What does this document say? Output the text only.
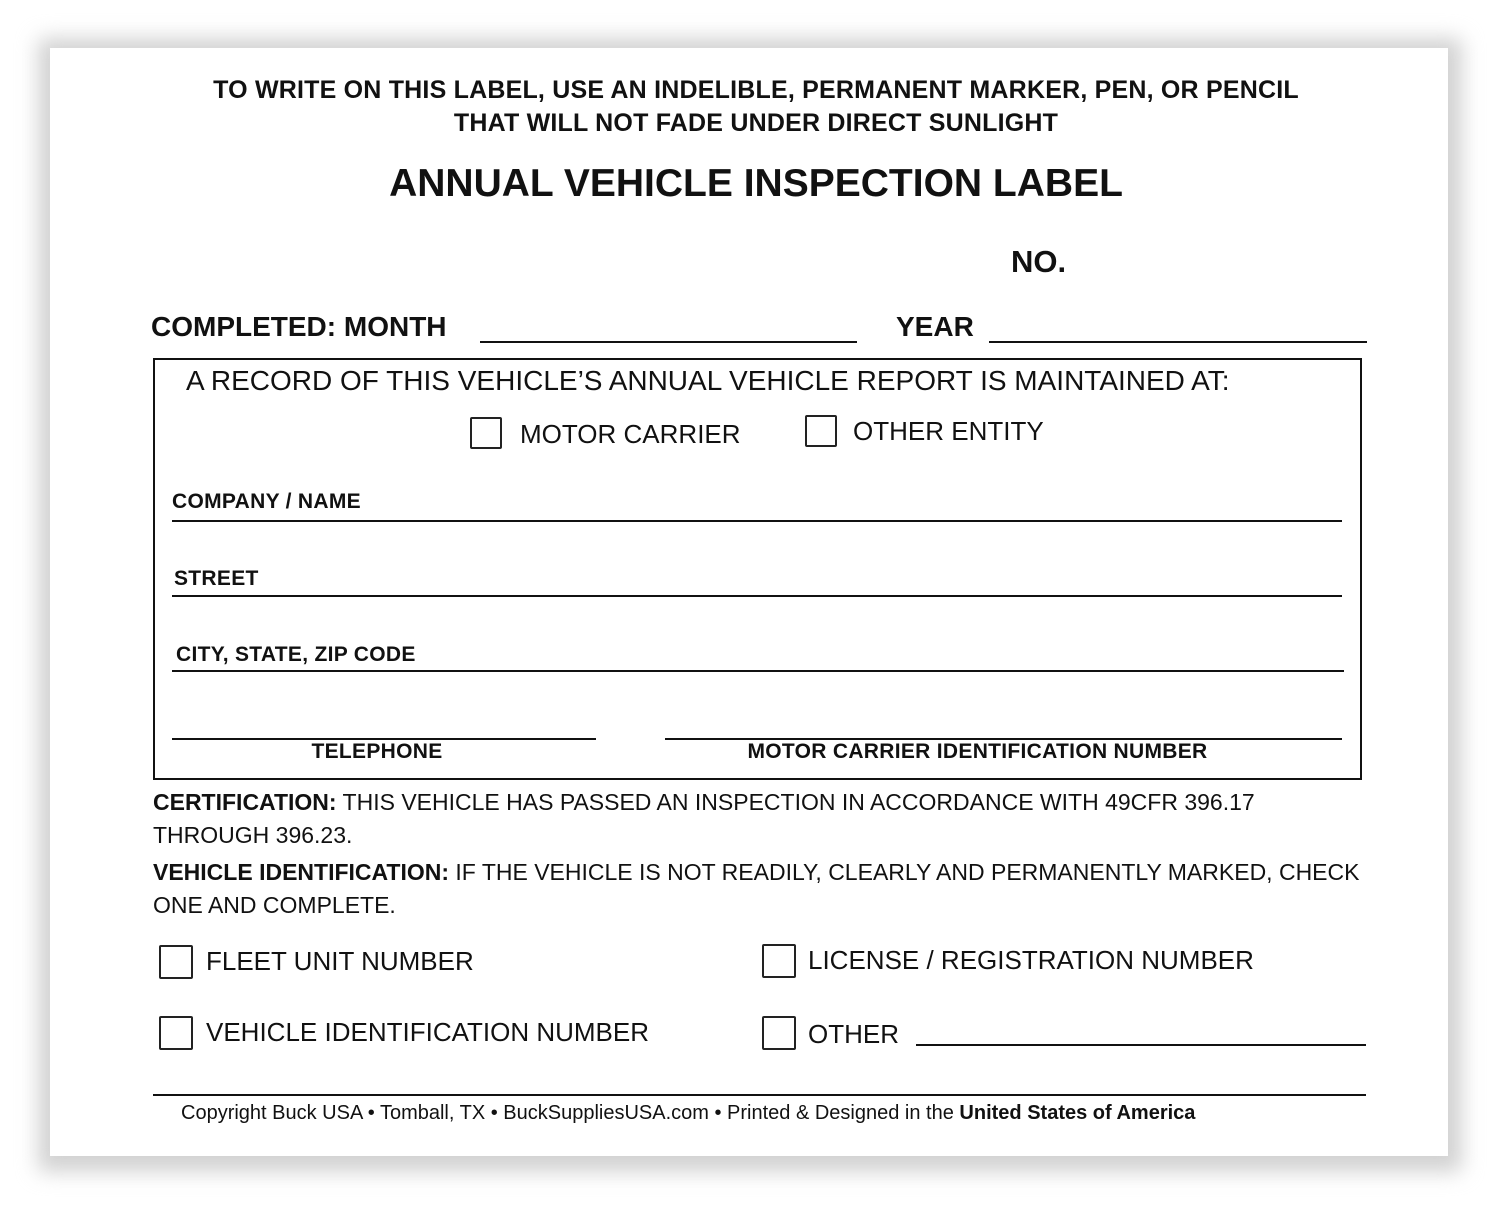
TO WRITE ON THIS LABEL, USE AN INDELIBLE, PERMANENT MARKER, PEN, OR PENCIL
THAT WILL NOT FADE UNDER DIRECT SUNLIGHT
ANNUAL VEHICLE INSPECTION LABEL
NO.
COMPLETED: MONTH	YEAR
A RECORD OF THIS VEHICLE’S ANNUAL VEHICLE REPORT IS MAINTAINED AT:
MOTOR CARRIER	OTHER ENTITY
COMPANY / NAME
STREET
CITY, STATE, ZIP CODE
TELEPHONE	MOTOR CARRIER IDENTIFICATION NUMBER
CERTIFICATION: THIS VEHICLE HAS PASSED AN INSPECTION IN ACCORDANCE WITH 49CFR 396.17 THROUGH 396.23.
VEHICLE IDENTIFICATION: IF THE VEHICLE IS NOT READILY, CLEARLY AND PERMANENTLY MARKED, CHECK ONE AND COMPLETE.
FLEET UNIT NUMBER	LICENSE / REGISTRATION NUMBER
VEHICLE IDENTIFICATION NUMBER	OTHER
Copyright Buck USA • Tomball, TX • BuckSuppliesUSA.com • Printed & Designed in the United States of America
